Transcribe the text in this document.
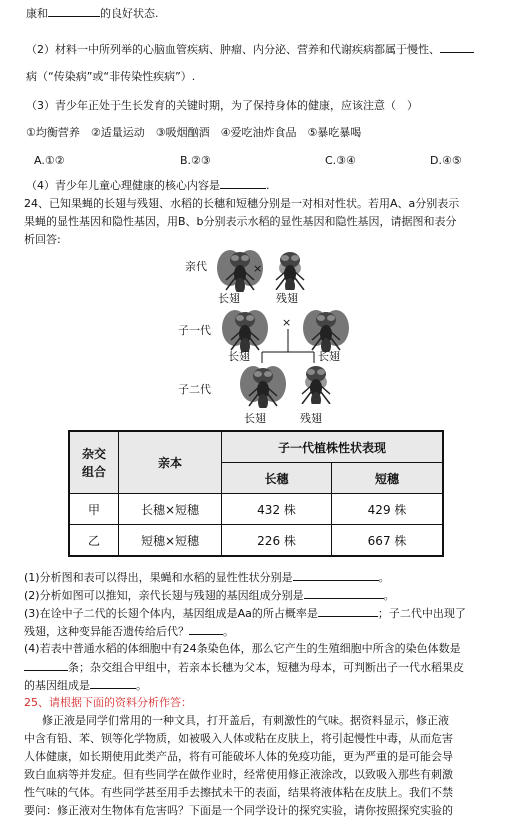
康和	的良好状态.
（2）材料一中所列举的心脑血管疾病、肿瘤、内分泌、营养和代谢疾病都属于慢性、
病（“传染病”或“非传染性疾病”）.
（3）青少年正处于生长发育的关键时期，为了保持身体的健康，应该注意（　）
①均衡营养　②适量运动　③吸烟酗酒　④爱吃油炸食品　⑤暴吃暴喝
A.①②	B.②③	C.③④	D.④⑤
（4）青少年儿童心理健康的核心内容是	.
24、已知果蝇的长翅与残翅、水稻的长穗和短穗分别是一对相对性状。若用A、a分别表示
果蝇的显性基因和隐性基因，用B、b分别表示水稻的显性基因和隐性基因，请据图和表分
析回答:
亲代
子一代
子二代
×
长翅	残翅
×
长翅	长翅
长翅	残翅
杂交
组合	亲本	子一代植株性状表现	
		长穗	短穗
甲	长穗×短穗	432 株	429 株
乙	短穗×短穗	226 株	667 株
(1)分析图和表可以得出，果蝇和水稻的显性性状分别是	。
(2)分析如图可以推知，亲代长翅与残翅的基因组成分别是	。
(3)在诠中子二代的长翅个体内，基因组成是Aa的所占概率是	；子二代中出现了
残翅，这种变异能否遗传给后代？	。
(4)若表中普通水稻的体细胞中有24条染色体，那么它产生的生殖细胞中所含的染色体数是
条；杂交组合甲组中，若亲本长穗为父本，短穗为母本，可判断出子一代水稻果皮
的基因组成是	。
25、请根据下面的资料分析作答：
修正液是同学们常用的一种文具，打开盖后，有刺激性的气味。据资料显示，修正液
中含有铅、苯、钡等化学物质，如被吸入人体或粘在皮肤上，将引起慢性中毒，从而危害
人体健康，如长期使用此类产品，将有可能破坏人体的免疫功能，更为严重的是可能会导
致白血病等并发症。但有些同学在做作业时，经常使用修正液涂改，以致吸入那些有刺激
性气味的气体。有些同学甚至用手去擦拭未干的表面，结果将液体粘在皮肤上。我们不禁
要问：修正液对生物体有危害吗？下面是一个同学设计的探究实验，请你按照探究实验的
